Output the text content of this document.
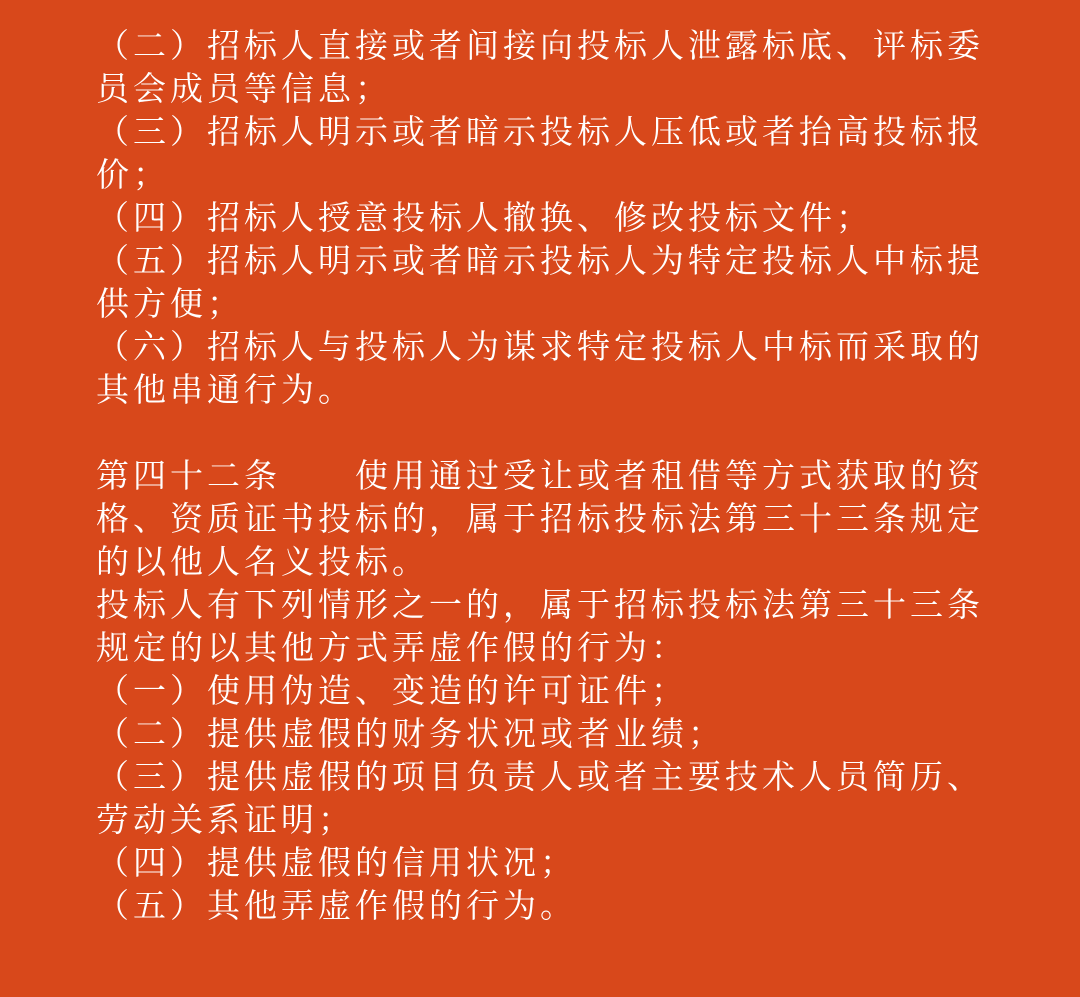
（二）招标人直接或者间接向投标人泄露标底、评标委员会成员等信息；

（三）招标人明示或者暗示投标人压低或者抬高投标报价；

（四）招标人授意投标人撤换、修改投标文件；

（五）招标人明示或者暗示投标人为特定投标人中标提供方便；

（六）招标人与投标人为谋求特定投标人中标而采取的其他串通行为。

第四十二条　　使用通过受让或者租借等方式获取的资格、资质证书投标的，属于招标投标法第三十三条规定的以他人名义投标。

投标人有下列情形之一的，属于招标投标法第三十三条规定的以其他方式弄虚作假的行为：

（一）使用伪造、变造的许可证件；

（二）提供虚假的财务状况或者业绩；

（三）提供虚假的项目负责人或者主要技术人员简历、劳动关系证明；

（四）提供虚假的信用状况；

（五）其他弄虚作假的行为。
